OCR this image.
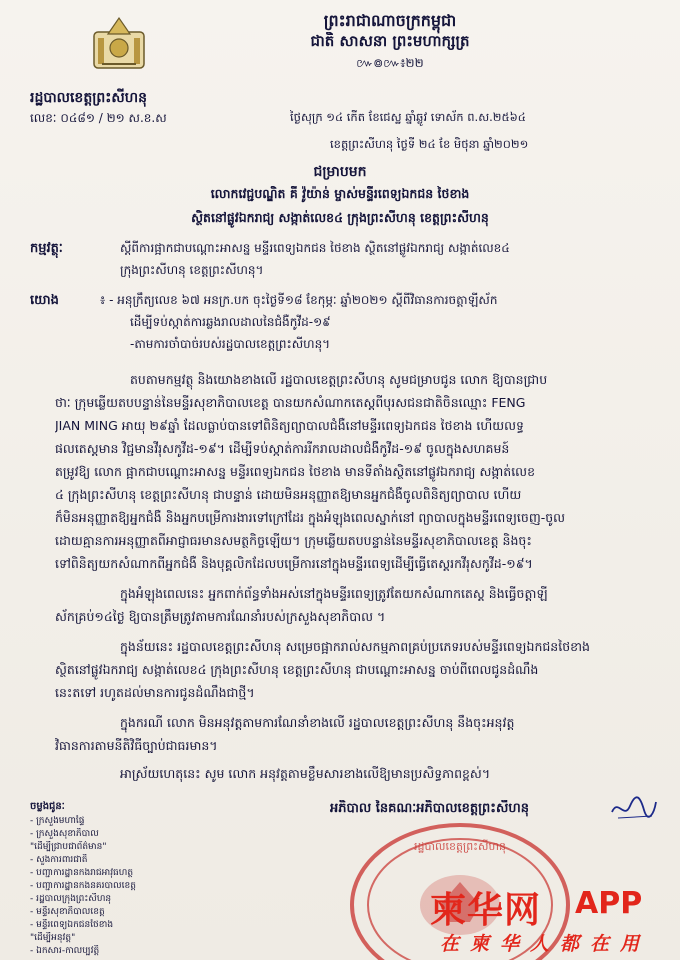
ព្រះរាជាណាចក្រកម្ពុជា
ជាតិ សាសនា ព្រះមហាក្សត្រ
៚៙៚៖២២
រដ្ឋបាលខេត្តព្រះសីហនុ
លេខៈ ០៤៨១ / ២១ ស.ខ.ស	ថ្ងៃសុក្រ ១៤ កើត ខែជេស្ឋ ឆ្នាំឆ្លូវ ទោស័ក ព.ស.២៥៦៤
ខេត្តព្រះសីហនុ ថ្ងៃទី ២៤ ខែ មិថុនា ឆ្នាំ២០២១
ជម្រាបមក
លោកវេជ្ជបណ្ឌិត គី វ៉ូយ៉ាន់ ម្ចាស់មន្ទីរពេទ្យឯកជន ថៃខាង
ស្ថិតនៅផ្លូវឯករាជ្យ សង្កាត់លេខ៤ ក្រុងព្រះសីហនុ ខេត្តព្រះសីហនុ
កម្មវត្ថុៈ	ស្តីពីការផ្អាកជាបណ្តោះអាសន្ន មន្ទីរពេទ្យឯកជន ថៃខាង ស្ថិតនៅផ្លូវឯករាជ្យ សង្កាត់លេខ៤
ក្រុងព្រះសីហនុ ខេត្តព្រះសីហនុ។
យោង	៖ - អនុក្រឹត្យលេខ ៦៧ អនក្រ.បក ចុះថ្ងៃទី១៨ ខែកុម្ភៈ ឆ្នាំ២០២១ ស្តីពីវិធានការចត្តាឡីស័ក
ដើម្បីទប់ស្កាត់ការឆ្លងរាលដាលនៃជំងឺកូវីដ-១៩
-តាមការចាំបាច់របស់រដ្ឋបាលខេត្តព្រះសីហនុ។
តបតាមកម្មវត្ថុ និងយោងខាងលើ រដ្ឋបាលខេត្តព្រះសីហនុ សូមជម្រាបជូន លោក ឱ្យបានជ្រាប
ថាៈ ក្រុមឆ្លើយតបបន្ទាន់នៃមន្ទីរសុខាភិបាលខេត្ត បានយកសំណាកតេស្តពីបុរសជនជាតិចិនឈ្មោះ FENG
JIAN MING អាយុ ២៩ឆ្នាំ ដែលធ្លាប់បានទៅពិនិត្យព្យាបាលជំងឺនៅមន្ទីរពេទ្យឯកជន ថៃខាង ហើយលទ្ធ
ផលតេស្តមាន វិជ្ជមានវីរុសកូវីដ-១៩។ ដើម្បីទប់ស្កាត់ការរីករាលដាលជំងឺកូវីដ-១៩ ចូលក្នុងសហគមន៍
តម្រូវឱ្យ លោក ផ្អាកជាបណ្តោះអាសន្ន មន្ទីរពេទ្យឯកជន ថៃខាង មានទីតាំងស្ថិតនៅផ្លូវឯករាជ្យ សង្កាត់លេខ
៤ ក្រុងព្រះសីហនុ ខេត្តព្រះសីហនុ ជាបន្ទាន់ ដោយមិនអនុញ្ញាតឱ្យមានអ្នកជំងឺចូលពិនិត្យព្យាបាល ហើយ
ក៏មិនអនុញ្ញាតឱ្យអ្នកជំងឺ និងអ្នកបម្រើការងារទៅក្រៅដែរ ក្នុងអំឡុងពេលស្នាក់នៅ ព្យាបាលក្នុងមន្ទីរពេទ្យចេញ-ចូល
ដោយគ្មានការអនុញ្ញាតពីអាជ្ញាធរមានសមត្ថកិច្ចឡើយ។ ក្រុមឆ្លើយតបបន្ទាន់នៃមន្ទីរសុខាភិបាលខេត្ត និងចុះ
ទៅពិនិត្យយកសំណាកពីអ្នកជំងឺ និងបុគ្គលិកដែលបម្រើការនៅក្នុងមន្ទីរពេទ្យដើម្បីធ្វើតេស្តរកវីរុសកូវីដ-១៩។
ក្នុងអំឡុងពេលនេះ អ្នកពាក់ព័ន្ធទាំងអស់នៅក្នុងមន្ទីរពេទ្យត្រូវតែយកសំណាកតេស្ត និងធ្វើចត្តាឡី
ស័កគ្រប់១៤ថ្ងៃ ឱ្យបានត្រឹមត្រូវតាមការណែនាំរបស់ក្រសួងសុខាភិបាល ។
ក្នុងន័យនេះ រដ្ឋបាលខេត្តព្រះសីហនុ សម្រេចផ្អាករាល់សកម្មភាពគ្រប់ប្រភេទរបស់មន្ទីរពេទ្យឯកជនថៃខាង
ស្ថិតនៅផ្លូវឯករាជ្យ សង្កាត់លេខ៤ ក្រុងព្រះសីហនុ ខេត្តព្រះសីហនុ ជាបណ្តោះអាសន្ន ចាប់ពីពេលជូនដំណឹង
នេះតទៅ រហូតដល់មានការជូនដំណឹងជាថ្មី។
ក្នុងករណី លោក មិនអនុវត្តតាមការណែនាំខាងលើ រដ្ឋបាលខេត្តព្រះសីហនុ នឹងចុះអនុវត្ត
វិធានការតាមនីតិវិធីច្បាប់ជាធរមាន។
អាស្រ័យហេតុនេះ សូម លោក អនុវត្តតាមខ្លឹមសារខាងលើឱ្យមានប្រសិទ្ធភាពខ្ពស់។
ចម្លងជូនៈ
- ក្រសួងមហាផ្ទៃ
- ក្រសួងសុខាភិបាល
"ដើម្បីជ្រាបជាព័ត៌មាន"
- សួងការពារជាតិ
- បញ្ជាការដ្ឋានកងរាជអាវុធហត្ថ
- បញ្ជាការដ្ឋានកងនគរបាលខេត្ត
- រដ្ឋបាលក្រុងព្រះសីហនុ
- មន្ទីរសុខាភិបាលខេត្ត
- មន្ទីរពេទ្យឯកជនថៃខាង
"ដើម្បីអនុវត្ត"
- ឯកសារ-កាលប្បវត្តិ
អភិបាល នៃគណៈអភិបាលខេត្តព្រះសីហនុ
រដ្ឋបាលខេត្តព្រះសីហនុ
柬华网 APP
在柬华人都在用
